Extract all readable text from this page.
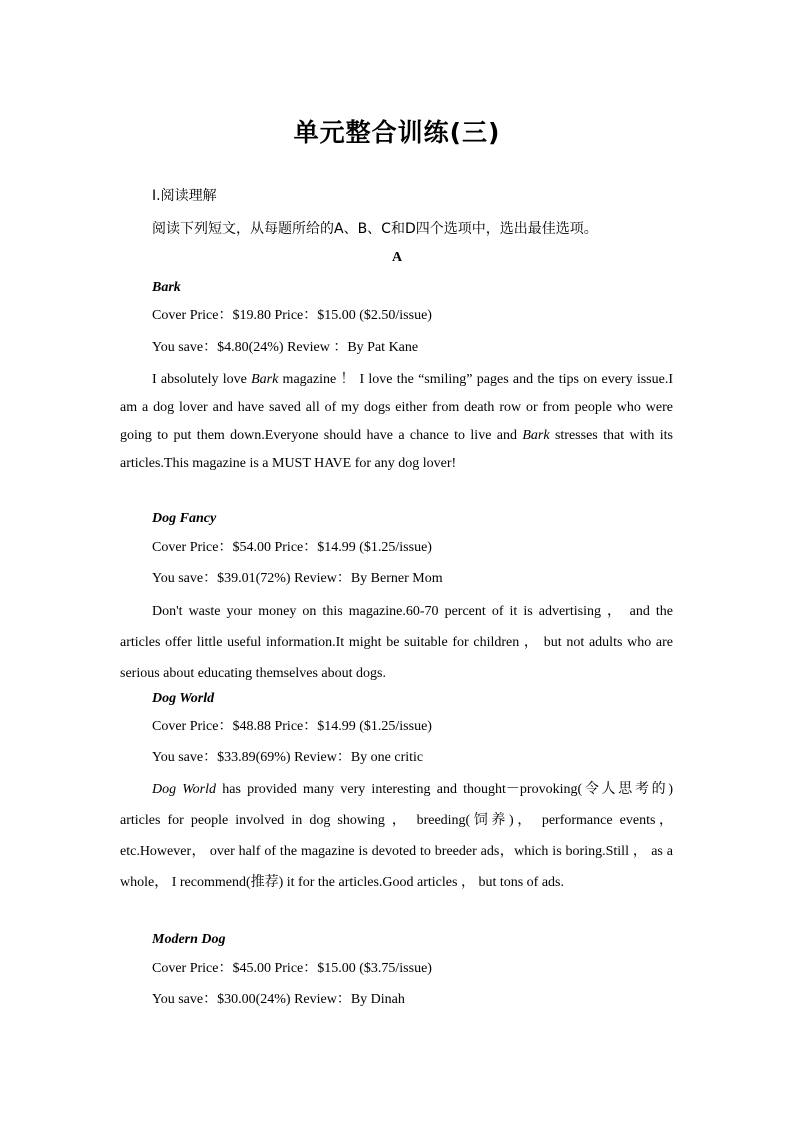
单元整合训练(三)
Ⅰ.阅读理解
阅读下列短文，从每题所给的A、B、C和D四个选项中，选出最佳选项。
A
Bark
Cover Price：$19.80 Price：$15.00 ($2.50/issue)
You save：$4.80(24%) Review ：By Pat Kane

I absolutely love Bark magazine ！ I love the “smiling” pages and the tips on every issue.I am a dog lover and have saved all of my dogs either from death row or from people who were going to put them down.Everyone should have a chance to live and Bark stresses that with its articles.This magazine is a MUST HAVE for any dog lover!

Dog Fancy
Cover Price：$54.00 Price：$14.99 ($1.25/issue)
You save：$39.01(72%) Review：By Berner Mom

Don't waste your money on this magazine.60-70 percent of it is advertising ， and the articles offer little useful information.It might be suitable for children ， but not adults who are serious about educating themselves about dogs.

Dog World
Cover Price：$48.88 Price：$14.99 ($1.25/issue)
You save：$33.89(69%) Review：By one critic

Dog World has provided many very interesting and thought－provoking(令人思考的) articles for people involved in dog showing ， breeding(饲养)， performance events，etc.However， over half of the magazine is devoted to breeder ads，which is boring.Still ， as a whole， I recommend(推荐) it for the articles.Good articles ， but tons of ads.

Modern Dog
Cover Price：$45.00 Price：$15.00 ($3.75/issue)
You save：$30.00(24%) Review：By Dinah
